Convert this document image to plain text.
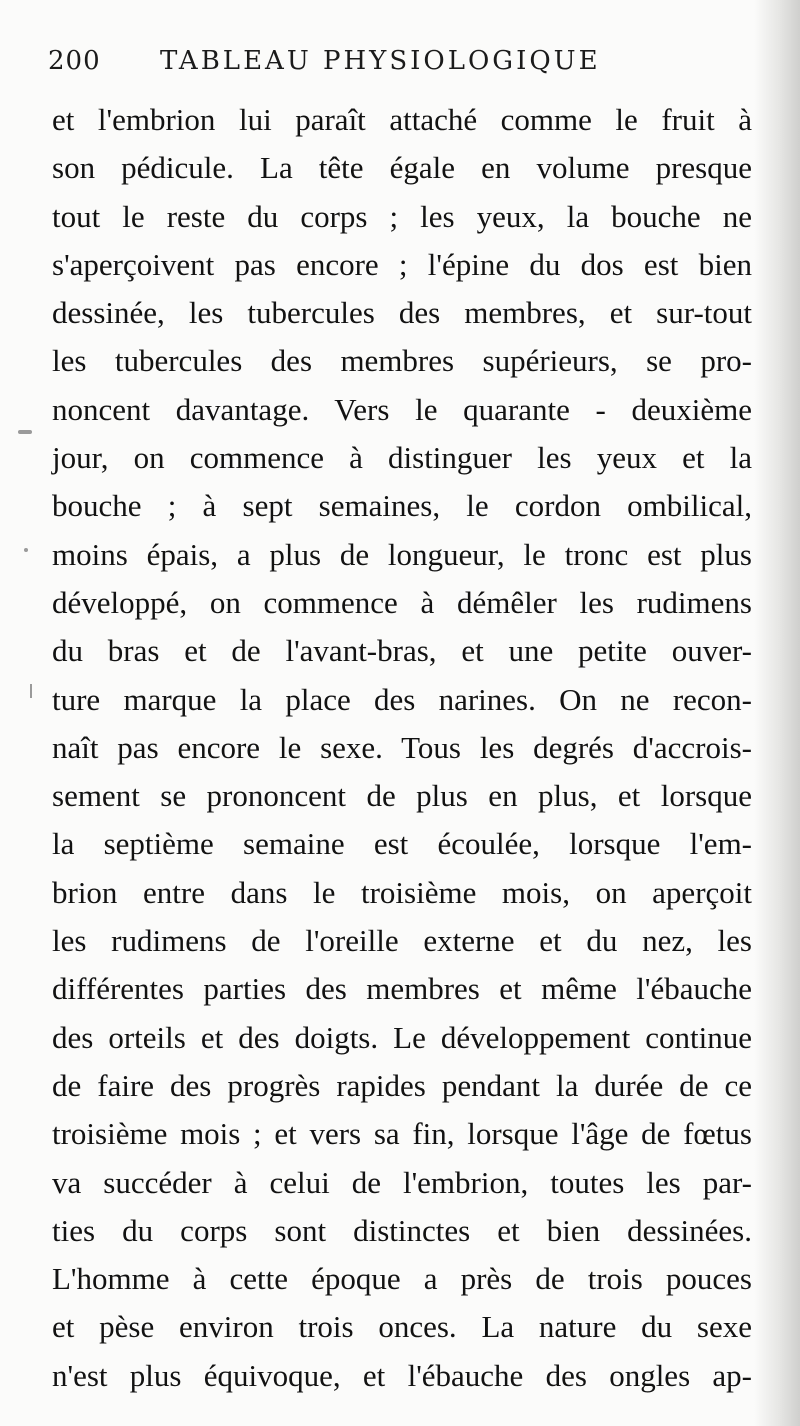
200 TABLEAU PHYSIOLOGIQUE
et l'embrion lui paraît attaché comme le fruit à
son pédicule. La tête égale en volume presque
tout le reste du corps ; les yeux, la bouche ne
s'aperçoivent pas encore ; l'épine du dos est bien
dessinée, les tubercules des membres, et sur-tout
les tubercules des membres supérieurs, se pro-
noncent davantage. Vers le quarante - deuxième
jour, on commence à distinguer les yeux et la
bouche ; à sept semaines, le cordon ombilical,
moins épais, a plus de longueur, le tronc est plus
développé, on commence à démêler les rudimens
du bras et de l'avant-bras, et une petite ouver-
ture marque la place des narines. On ne recon-
naît pas encore le sexe. Tous les degrés d'accrois-
sement se prononcent de plus en plus, et lorsque
la septième semaine est écoulée, lorsque l'em-
brion entre dans le troisième mois, on aperçoit
les rudimens de l'oreille externe et du nez, les
différentes parties des membres et même l'ébauche
des orteils et des doigts. Le développement continue
de faire des progrès rapides pendant la durée de ce
troisième mois ; et vers sa fin, lorsque l'âge de fœtus
va succéder à celui de l'embrion, toutes les par-
ties du corps sont distinctes et bien dessinées.
L'homme à cette époque a près de trois pouces
et pèse environ trois onces. La nature du sexe
n'est plus équivoque, et l'ébauche des ongles ap-
